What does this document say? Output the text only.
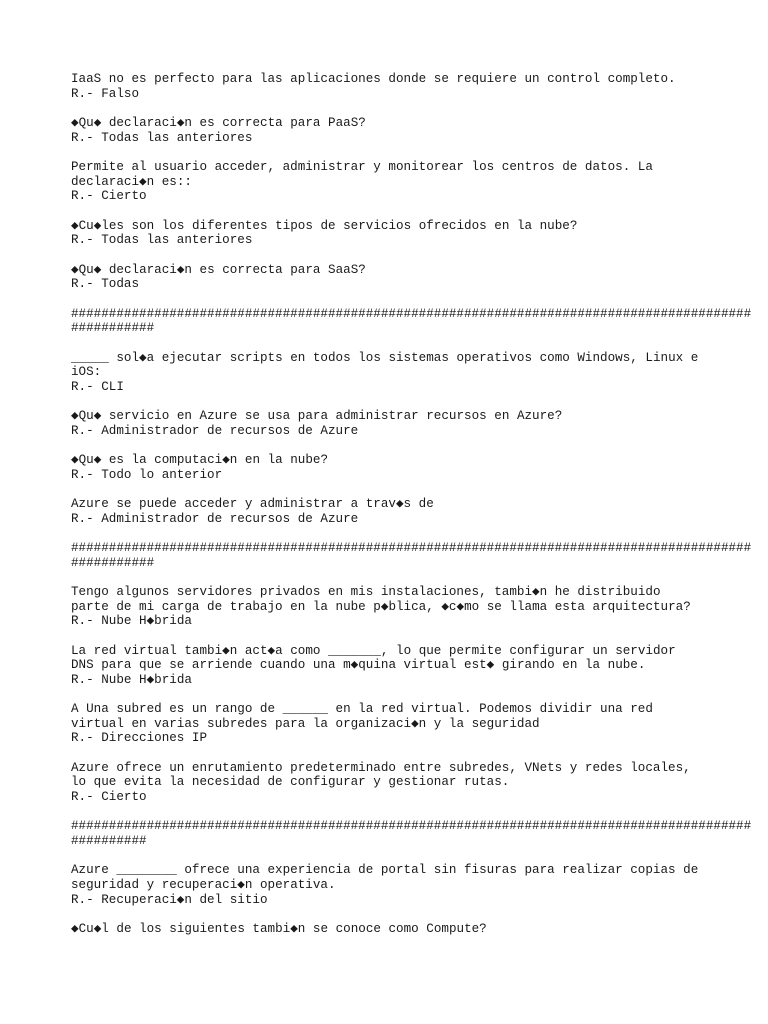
IaaS no es perfecto para las aplicaciones donde se requiere un control completo.
R.- Falso
◆Qu◆ declaraci◆n es correcta para PaaS?
R.- Todas las anteriores
Permite al usuario acceder, administrar y monitorear los centros de datos. La
declaraci◆n es::
R.- Cierto
◆Cu◆les son los diferentes tipos de servicios ofrecidos en la nube?
R.- Todas las anteriores
◆Qu◆ declaraci◆n es correcta para SaaS?
R.- Todas
##########################################################################################
###########
_____ sol◆a ejecutar scripts en todos los sistemas operativos como Windows, Linux e
iOS:
R.- CLI
◆Qu◆ servicio en Azure se usa para administrar recursos en Azure?
R.- Administrador de recursos de Azure
◆Qu◆ es la computaci◆n en la nube?
R.- Todo lo anterior
Azure se puede acceder y administrar a trav◆s de
R.- Administrador de recursos de Azure
##########################################################################################
###########
Tengo algunos servidores privados en mis instalaciones, tambi◆n he distribuido
parte de mi carga de trabajo en la nube p◆blica, ◆c◆mo se llama esta arquitectura?
R.- Nube H◆brida
La red virtual tambi◆n act◆a como _______, lo que permite configurar un servidor
DNS para que se arriende cuando una m◆quina virtual est◆ girando en la nube.
R.- Nube H◆brida
A Una subred es un rango de ______ en la red virtual. Podemos dividir una red
virtual en varias subredes para la organizaci◆n y la seguridad
R.- Direcciones IP
Azure ofrece un enrutamiento predeterminado entre subredes, VNets y redes locales,
lo que evita la necesidad de configurar y gestionar rutas.
R.- Cierto
##########################################################################################
##########
Azure ________ ofrece una experiencia de portal sin fisuras para realizar copias de
seguridad y recuperaci◆n operativa.
R.- Recuperaci◆n del sitio
◆Cu◆l de los siguientes tambi◆n se conoce como Compute?
